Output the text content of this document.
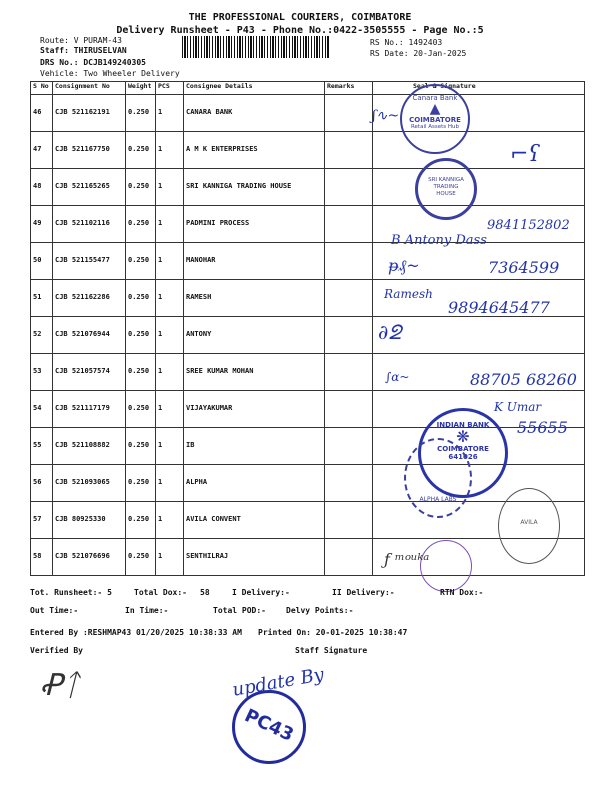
THE PROFESSIONAL COURIERS, COIMBATORE
Delivery Runsheet - P43 - Phone No.:0422-3505555 - Page No.:5
Route: V PURAM-43
Staff: THIRUSELVAN
DRS No.: DCJB149240305
Vehicle: Two Wheeler Delivery
RS No.: 1492403
RS Date: 20-Jan-2025
S No	Consignment No	Weight	PCS	Consignee Details	Remarks	Seal & Signature
46	CJB 521162191	0.250	1	CANARA BANK		
47	CJB 521167750	0.250	1	A M K ENTERPRISES		
48	CJB 521165265	0.250	1	SRI KANNIGA TRADING HOUSE		
49	CJB 521102116	0.250	1	PADMINI PROCESS		
50	CJB 521155477	0.250	1	MANOHAR		
51	CJB 521162286	0.250	1	RAMESH		
52	CJB 521076944	0.250	1	ANTONY		
53	CJB 521057574	0.250	1	SREE KUMAR MOHAN		
54	CJB 521117179	0.250	1	VIJAYAKUMAR		
55	CJB 521108882	0.250	1	IB		
56	CJB 521093065	0.250	1	ALPHA		
57	CJB 80925330	0.250	1	AVILA CONVENT		
58	CJB 521076696	0.250	1	SENTHILRAJ		
Canara Bank
▲
COIMBATORE
Retail Assets Hub
SRI KANNIGA TRADING HOUSE
INDIAN BANK
❋
COIMBATORE
641026
ALPHA LABS
AVILA
ʃ∿~
⌐ʕ
9841152802
B Antony Dass
ᵽ₰~	7364599
Ramesh
9894645477
∂ᘖ
∫ɑ~	88705 68260
K Umar
55655
ƒ ᵐᵒᵘᵏᵃ
Tot. Runsheet:- 5	Total Dox:- 58	I Delivery:-	II Delivery:-	RTN Dox:-
Out Time:-	In Time:-	Total POD:-	Delvy Points:-
Entered By :RESHMAP43 01/20/2025 10:38:33 AM Printed On: 20-01-2025 10:38:47
Verified By	Staff Signature
Ꝓᛏ	update By
PC43
